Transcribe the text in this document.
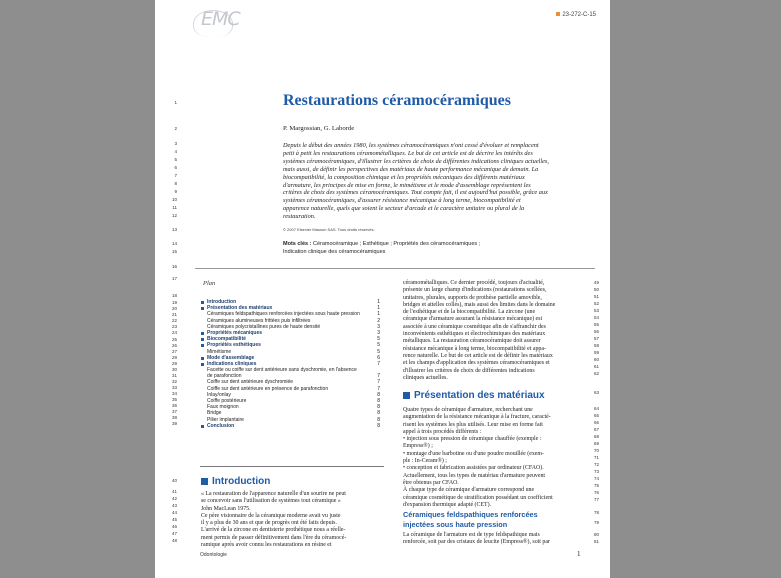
EMC	23-272-C-15
Restaurations céramocéramiques
P. Margossian, G. Laborde
Depuis le début des années 1980, les systèmes céramocéramiques n'ont cessé d'évoluer et remplacent
petit à petit les restaurations céramométalliques. Le but de cet article est de décrire les intérêts des
systèmes céramocéramiques, d'illustrer les critères de choix de différentes indications cliniques actuelles,
mais aussi, de définir les perspectives des matériaux de haute performance mécanique de demain. La
biocompatibilité, la composition chimique et les propriétés mécaniques des différents matériaux
d'armature, les principes de mise en forme, le mimétisme et le mode d'assemblage représentent les
critères de choix des systèmes céramocéramiques. Tout compte fait, il est aujourd'hui possible, grâce aux
systèmes céramocéramiques, d'assurer résistance mécanique à long terme, biocompatibilité et
apparence naturelle, quels que soient le secteur d'arcade et le caractère unitaire ou plural de la
restauration.
© 2007 Elsevier Masson SAS. Tous droits réservés.
Mots clés : Céramocéramique ; Esthétique ; Propriétés des céramocéramiques ;
Indication clinique des céramocéramiques
Plan
Introduction	1
Présentation des matériaux	1
Céramiques feldspathiques renforcées injectées sous haute pression	1
Céramiques alumineuses frittées puis infiltrées	2
Céramiques polycristallines pures de haute densité	3
Propriétés mécaniques	3
Biocompatibilité	5
Propriétés esthétiques	5
Mimétisme	5
Mode d'assemblage	6
Indications cliniques	7
Facette ou coiffe sur dent antérieure sans dyschromie, en l'absence
de parafonction	7
Coiffe sur dent antérieure dyschromiée	7
Coiffe sur dent antérieure en présence de parafonction	7
Inlay/onlay	8
Coiffe postérieure	8
Faux moignon	8
Bridge	8
Pilier implantaire	8
Conclusion	8
Introduction
« La restauration de l'apparence naturelle d'un sourire ne peut
se concevoir sans l'utilisation de systèmes tout céramique »
John MacLean 1975.
Ce père visionnaire de la céramique moderne avait vu juste
il y a plus de 30 ans et que de progrès ont été faits depuis.
L'arrivé de la zircone en dentisterie prothétique nous a réelle-
ment permis de passer définitivement dans l'ère du céramocé-
ramique après avoir connu les restaurations en résine et
céramométalliques. Ce dernier procédé, toujours d'actualité,
présente un large champ d'indications (restaurations scellées,
unitaires, plurales, supports de prothèse partielle amovible,
bridges et attelles collés), mais aussi des limites dans le domaine
de l'esthétique et de la biocompatibilité. La zircone (une
céramique d'armature assurant la résistance mécanique) est
associée à une céramique cosmétique afin de s'affranchir des
inconvénients esthétiques et électrochimiques des matériaux
métalliques. La restauration céramocéramique doit assurer
résistance mécanique à long terme, biocompatibilité et appa-
rence naturelle. Le but de cet article est de définir les matériaux
et les champs d'application des systèmes céramocéramiques et
d'illustrer les critères de choix de différentes indications
cliniques actuelles.
Présentation des matériaux
Quatre types de céramique d'armature, recherchant une
augmentation de la résistance mécanique à la fracture, caracté-
risent les systèmes les plus utilisés. Leur mise en forme fait
appel à trois procédés différents :
• injection sous pression de céramique chauffée (exemple :
Empress®) ;
• montage d'une barbotine ou d'une poudre mouillée (exem-
ple : In-Ceram®) ;
• conception et fabrication assistées par ordinateur (CFAO).
Actuellement, tous les types de matériau d'armature peuvent
être obtenus par CFAO.
À chaque type de céramique d'armature correspond une
céramique cosmétique de stratification possédant un coefficient
d'expansion thermique adapté (CET).
Céramiques feldspathiques renforcées
injectées sous haute pression
La céramique de l'armature est de type feldspathique mais
renforcée, soit par des cristaux de leucite (Empress®), soit par
Odontologie	1
1
2
3
4
5
6
7
8
9
10
11
12
13
14
15
16
17
18
19
20
21
22
23
24
25
26
27
28
29
30
31
32
33
34
35
36
37
38
39
40
41
42
43
44
45
46
47
48
49
50
51
52
53
54
55
56
57
58
59
60
61
62
63
64
65
66
67
68
69
70
71
72
73
74
75
76
77
78
79
80
81
